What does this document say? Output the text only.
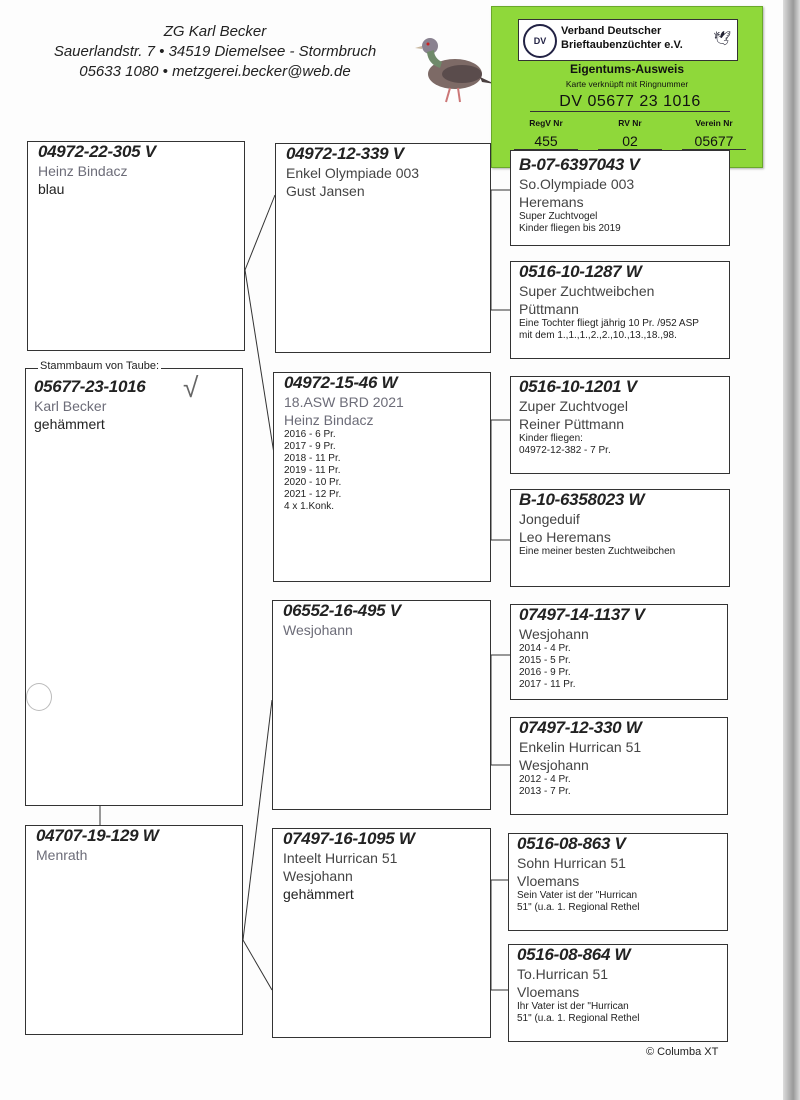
ZG Karl Becker
Sauerlandstr. 7 • 34519 Diemelsee - Stormbruch
05633 1080 • metzgerei.becker@web.de
DV
Verband Deutscher
Brieftaubenzüchter e.V. 🕊
Eigentums-Ausweis
Karte verknüpft mit Ringnummer
DV 05677 23 1016
RegV Nr
455
RV Nr
02
Verein Nr
05677
04972-22-305 V
Heinz Bindacz
blau
05677-23-1016
Karl Becker
gehämmert
Stammbaum von Taube:
√
04707-19-129 W
Menrath
04972-12-339 V
Enkel Olympiade 003
Gust Jansen
04972-15-46 W
18.ASW BRD 2021
Heinz Bindacz
2016 - 6 Pr.
2017 - 9 Pr.
2018 - 11 Pr.
2019 - 11 Pr.
2020 - 10 Pr.
2021 - 12 Pr.
4 x 1.Konk.
06552-16-495 V
Wesjohann
07497-16-1095 W
Inteelt Hurrican 51
Wesjohann
gehämmert
B-07-6397043 V
So.Olympiade 003
Heremans
Super Zuchtvogel
Kinder fliegen bis 2019
0516-10-1287 W
Super Zuchtweibchen
Püttmann
Eine Tochter fliegt jährig 10 Pr. /952 ASP
mit dem 1.,1.,1.,2.,2.,10.,13.,18.,98.
0516-10-1201 V
Zuper Zuchtvogel
Reiner Püttmann
Kinder fliegen:
04972-12-382 - 7 Pr.
B-10-6358023 W
Jongeduif
Leo Heremans
Eine meiner besten Zuchtweibchen
07497-14-1137 V
Wesjohann
2014 - 4 Pr.
2015 - 5 Pr.
2016 - 9 Pr.
2017 - 11 Pr.
07497-12-330 W
Enkelin Hurrican 51
Wesjohann
2012 - 4 Pr.
2013 - 7 Pr.
0516-08-863 V
Sohn Hurrican 51
Vloemans
Sein Vater ist der "Hurrican
51" (u.a. 1. Regional Rethel
0516-08-864 W
To.Hurrican 51
Vloemans
Ihr Vater ist der "Hurrican
51" (u.a. 1. Regional Rethel
© Columba XT
